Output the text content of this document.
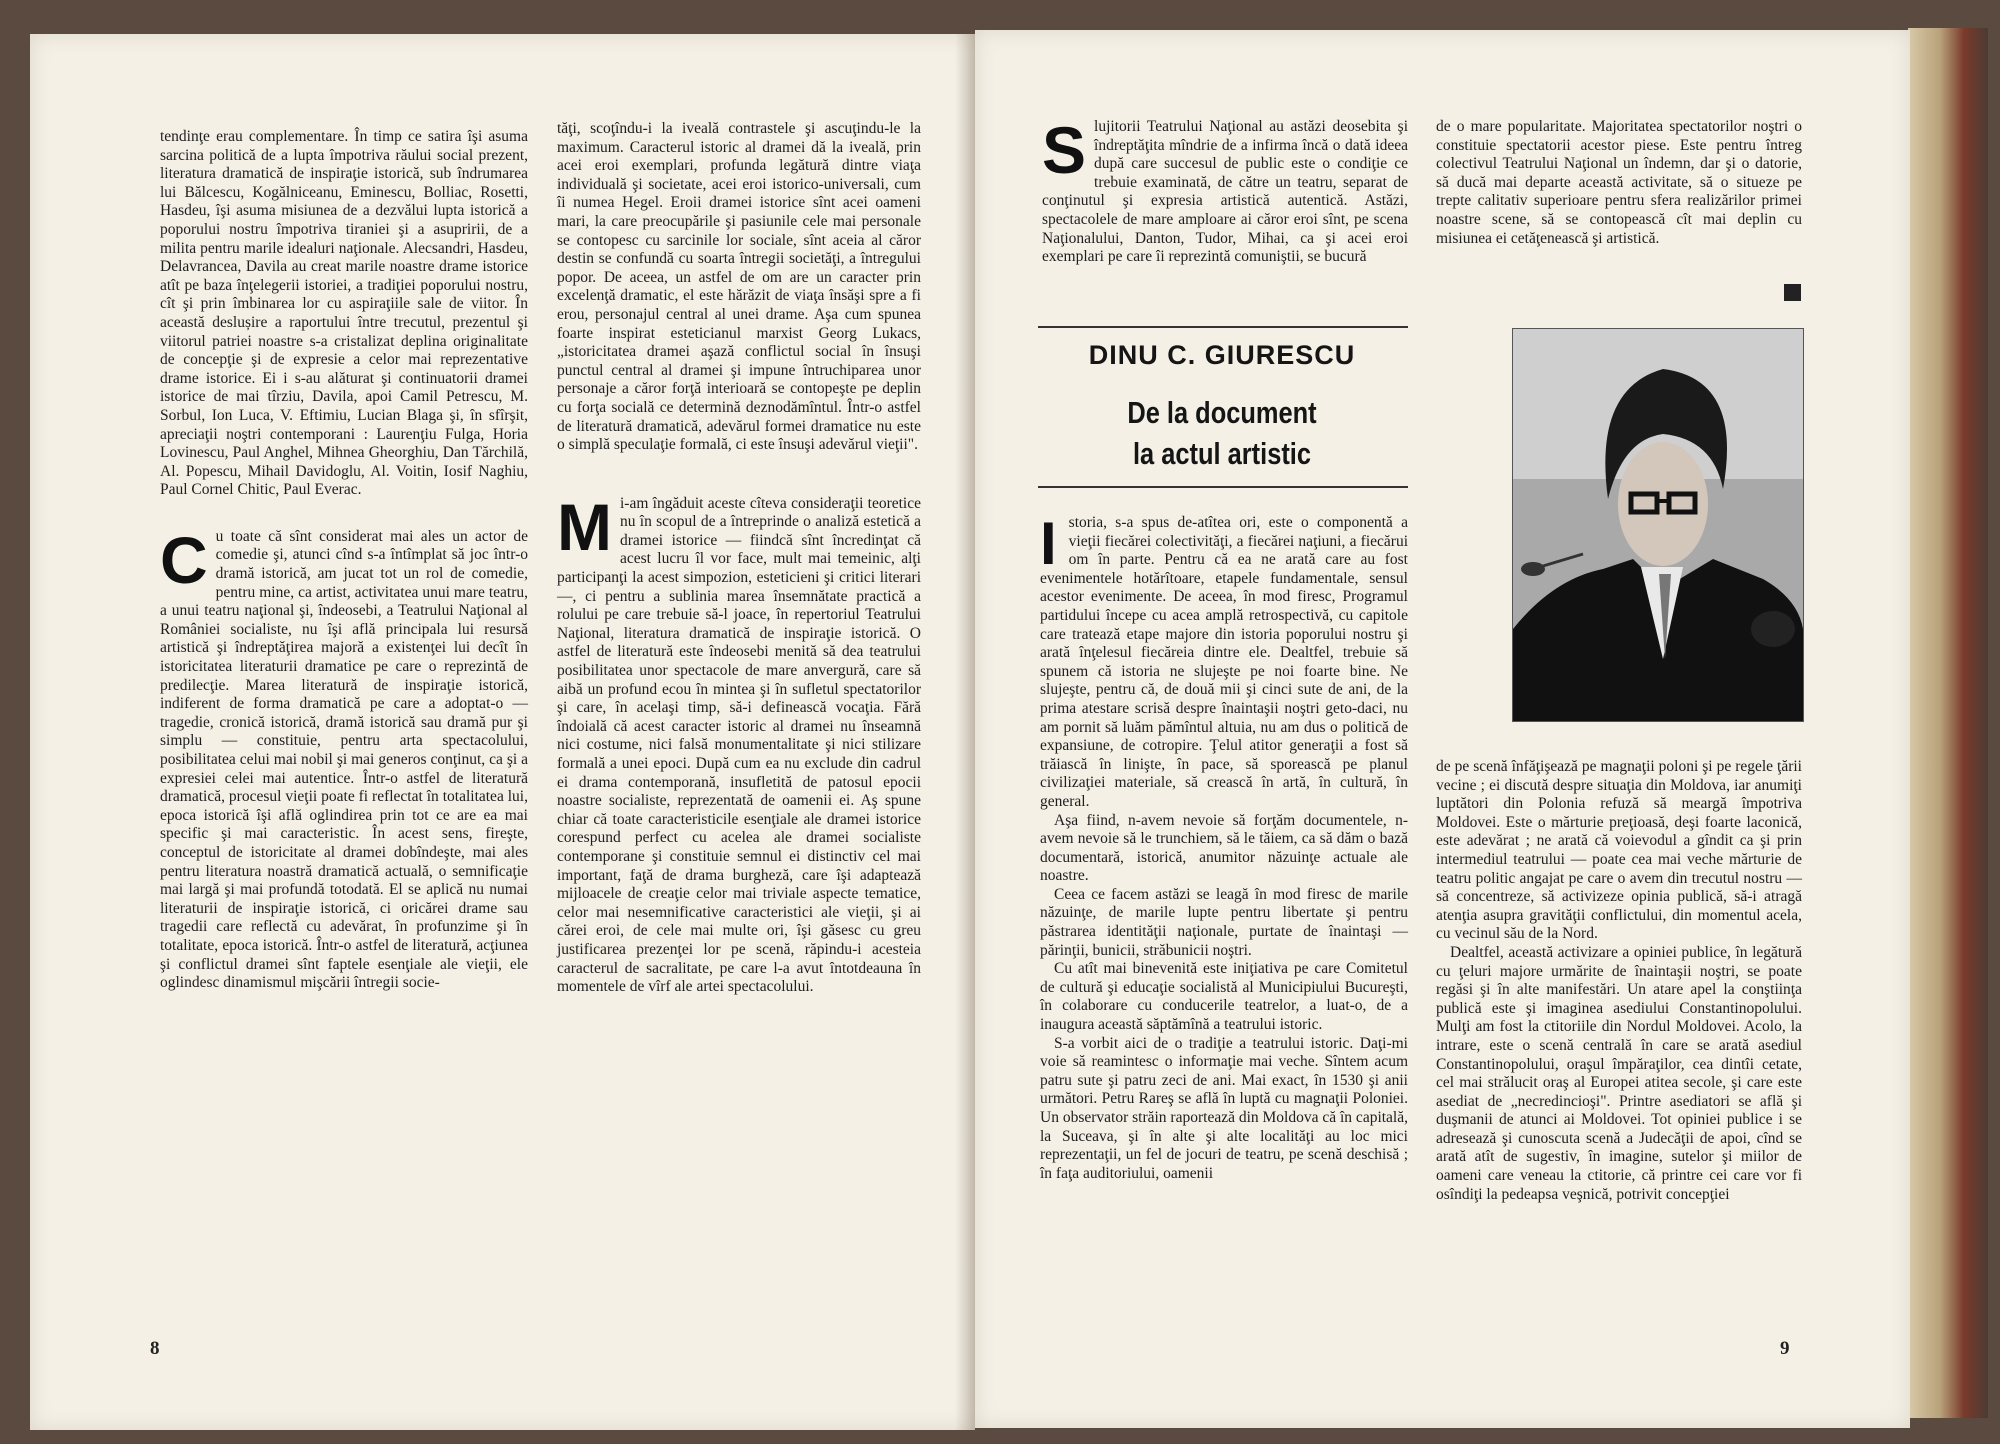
tendinţe erau complementare. În timp ce satira îşi asuma sarcina politică de a lupta împotriva răului social prezent, literatura dramatică de inspiraţie istorică, sub îndrumarea lui Bălcescu, Kogălniceanu, Eminescu, Bolliac, Rosetti, Hasdeu, îşi asuma misiunea de a dezvălui lupta istorică a poporului nostru împotriva tiraniei şi a asupririi, de a milita pentru marile idealuri naţionale. Alecsandri, Hasdeu, Delavrancea, Davila au creat marile noastre drame istorice atît pe baza înţelegerii istoriei, a tradiţiei poporului nostru, cît şi prin îmbinarea lor cu aspiraţiile sale de viitor. În această deslușire a raportului între trecutul, prezentul şi viitorul patriei noastre s-a cristalizat deplina originalitate de concepţie şi de expresie a celor mai reprezentative drame istorice. Ei i s-au alăturat şi continuatorii dramei istorice de mai tîrziu, Davila, apoi Camil Petrescu, M. Sorbul, Ion Luca, V. Eftimiu, Lucian Blaga şi, în sfîrşit, apreciaţii noştri contemporani : Laurenţiu Fulga, Horia Lovinescu, Paul Anghel, Mihnea Gheorghiu, Dan Tărchilă, Al. Popescu, Mihail Davidoglu, Al. Voitin, Iosif Naghiu, Paul Cornel Chitic, Paul Everac.

Cu toate că sînt considerat mai ales un actor de comedie şi, atunci cînd s-a întîmplat să joc într-o dramă istorică, am jucat tot un rol de comedie, pentru mine, ca artist, activitatea unui mare teatru, a unui teatru naţional şi, îndeosebi, a Teatrului Naţional al României socialiste, nu îşi află principala lui resursă artistică şi îndreptăţirea majoră a existenţei lui decît în istoricitatea literaturii dramatice pe care o reprezintă de predilecţie. Marea literatură de inspiraţie istorică, indiferent de forma dramatică pe care a adoptat-o — tragedie, cronică istorică, dramă istorică sau dramă pur şi simplu — constituie, pentru arta spectacolului, posibilitatea celui mai nobil şi mai generos conţinut, ca şi a expresiei celei mai autentice. Într-o astfel de literatură dramatică, procesul vieţii poate fi reflectat în totalitatea lui, epoca istorică îşi află oglindirea prin tot ce are ea mai specific şi mai caracteristic. În acest sens, fireşte, conceptul de istoricitate al dramei dobîndeşte, mai ales pentru literatura noastră dramatică actuală, o semnificaţie mai largă şi mai profundă totodată. El se aplică nu numai literaturii de inspiraţie istorică, ci oricărei drame sau tragedii care reflectă cu adevărat, în profunzime şi în totalitate, epoca istorică. Într-o astfel de literatură, acţiunea şi conflictul dramei sînt faptele esenţiale ale vieţii, ele oglindesc dinamismul mişcării întregii socie-

tăţi, scoţîndu-i la iveală contrastele şi ascuţindu-le la maximum. Caracterul istoric al dramei dă la iveală, prin acei eroi exemplari, profunda legătură dintre viaţa individuală şi societate, acei eroi istorico-universali, cum îi numea Hegel. Eroii dramei istorice sînt acei oameni mari, la care preocupările şi pasiunile cele mai personale se contopesc cu sarcinile lor sociale, sînt aceia al căror destin se confundă cu soarta întregii societăţi, a întregului popor. De aceea, un astfel de om are un caracter prin excelenţă dramatic, el este hărăzit de viaţa însăşi spre a fi erou, personajul central al unei drame. Aşa cum spunea foarte inspirat esteticianul marxist Georg Lukacs, „istoricitatea dramei aşază conflictul social în însuşi punctul central al dramei şi impune întruchiparea unor personaje a căror forţă interioară se contopeşte pe deplin cu forţa socială ce determină deznodămîntul. Într-o astfel de literatură dramatică, adevărul formei dramatice nu este o simplă speculaţie formală, ci este însuşi adevărul vieţii".

Mi-am îngăduit aceste cîteva consideraţii teoretice nu în scopul de a întreprinde o analiză estetică a dramei istorice — fiindcă sînt încredinţat că acest lucru îl vor face, mult mai temeinic, alţi participanţi la acest simpozion, esteticieni şi critici literari —, ci pentru a sublinia marea însemnătate practică a rolului pe care trebuie să-l joace, în repertoriul Teatrului Naţional, literatura dramatică de inspiraţie istorică. O astfel de literatură este îndeosebi menită să dea teatrului posibilitatea unor spectacole de mare anvergură, care să aibă un profund ecou în mintea şi în sufletul spectatorilor şi care, în acelaşi timp, să-i definească vocaţia. Fără îndoială că acest caracter istoric al dramei nu înseamnă nici costume, nici falsă monumentalitate şi nici stilizare formală a unei epoci. După cum ea nu exclude din cadrul ei drama contemporană, insufletită de patosul epocii noastre socialiste, reprezentată de oamenii ei. Aş spune chiar că toate caracteristicile esenţiale ale dramei istorice corespund perfect cu acelea ale dramei socialiste contemporane şi constituie semnul ei distinctiv cel mai important, faţă de drama burgheză, care îşi adaptează mijloacele de creaţie celor mai triviale aspecte tematice, celor mai nesemnificative caracteristici ale vieţii, şi ai cărei eroi, de cele mai multe ori, îşi găsesc cu greu justificarea prezenţei lor pe scenă, răpindu-i acesteia caracterul de sacralitate, pe care l-a avut întotdeauna în momentele de vîrf ale artei spectacolului.

8

Slujitorii Teatrului Naţional au astăzi deosebita şi îndreptăţita mîndrie de a infirma încă o dată ideea după care succesul de public este o condiţie ce trebuie examinată, de către un teatru, separat de conţinutul şi expresia artistică autentică. Astăzi, spectacolele de mare amploare ai căror eroi sînt, pe scena Naţionalului, Danton, Tudor, Mihai, ca şi acei eroi exemplari pe care îi reprezintă comuniştii, se bucură

de o mare popularitate. Majoritatea spectatorilor noştri o constituie spectatorii acestor piese. Este pentru întreg colectivul Teatrului Naţional un îndemn, dar şi o datorie, să ducă mai departe această activitate, să o situeze pe trepte calitativ superioare pentru sfera realizărilor primei noastre scene, să se contopească cît mai deplin cu misiunea ei cetăţenească şi artistică.

DINU C. GIURESCU
De la document
la actul artistic

Istoria, s-a spus de-atîtea ori, este o componentă a vieţii fiecărei colectivităţi, a fiecărei naţiuni, a fiecărui om în parte. Pentru că ea ne arată care au fost evenimentele hotărîtoare, etapele fundamentale, sensul acestor evenimente. De aceea, în mod firesc, Programul partidului începe cu acea amplă retrospectivă, cu capitole care tratează etape majore din istoria poporului nostru şi arată înţelesul fiecăreia dintre ele. Dealtfel, trebuie să spunem că istoria ne slujeşte pe noi foarte bine. Ne slujeşte, pentru că, de două mii şi cinci sute de ani, de la prima atestare scrisă despre înaintaşii noştri geto-daci, nu am pornit să luăm pămîntul altuia, nu am dus o politică de expansiune, de cotropire. Ţelul atitor generaţii a fost să trăiască în linişte, în pace, să sporească pe planul civilizaţiei materiale, să crească în artă, în cultură, în general.

Aşa fiind, n-avem nevoie să forţăm documentele, n-avem nevoie să le trunchiem, să le tăiem, ca să dăm o bază documentară, istorică, anumitor năzuinţe actuale ale noastre.

Ceea ce facem astăzi se leagă în mod firesc de marile năzuinţe, de marile lupte pentru libertate şi pentru păstrarea identităţii naţionale, purtate de înaintaşi — părinţii, bunicii, străbunicii noştri.

Cu atît mai binevenită este iniţiativa pe care Comitetul de cultură şi educaţie socialistă al Municipiului Bucureşti, în colaborare cu conducerile teatrelor, a luat-o, de a inaugura această săptămînă a teatrului istoric.

S-a vorbit aici de o tradiţie a teatrului istoric. Daţi-mi voie să reamintesc o informaţie mai veche. Sîntem acum patru sute şi patru zeci de ani. Mai exact, în 1530 şi anii următori. Petru Rareş se află în luptă cu magnaţii Poloniei. Un observator străin raportează din Moldova că în capitală, la Suceava, şi în alte şi alte localităţi au loc mici reprezentaţii, un fel de jocuri de teatru, pe scenă deschisă ; în faţa auditoriului, oamenii

de pe scenă înfăţişează pe magnaţii poloni şi pe regele ţării vecine ; ei discută despre situaţia din Moldova, iar anumiţi luptători din Polonia refuză să meargă împotriva Moldovei. Este o mărturie preţioasă, deşi foarte laconică, este adevărat ; ne arată că voievodul a gîndit ca şi prin intermediul teatrului — poate cea mai veche mărturie de teatru politic angajat pe care o avem din trecutul nostru — să concentreze, să activizeze opinia publică, să-i atragă atenţia asupra gravităţii conflictului, din momentul acela, cu vecinul său de la Nord.

Dealtfel, această activizare a opiniei publice, în legătură cu ţeluri majore urmărite de înaintaşii noştri, se poate regăsi şi în alte manifestări. Un atare apel la conştiinţa publică este şi imaginea asediului Constantinopolului. Mulţi am fost la ctitoriile din Nordul Moldovei. Acolo, la intrare, este o scenă centrală în care se arată asediul Constantinopolului, oraşul împăraţilor, cea dintîi cetate, cel mai strălucit oraş al Europei atitea secole, şi care este asediat de „necredincioşi". Printre asediatori se află şi duşmanii de atunci ai Moldovei. Tot opiniei publice i se adresează şi cunoscuta scenă a Judecăţii de apoi, cînd se arată atît de sugestiv, în imagine, sutelor şi miilor de oameni care veneau la ctitorie, că printre cei care vor fi osîndiţi la pedeapsa veşnică, potrivit concepţiei

9
